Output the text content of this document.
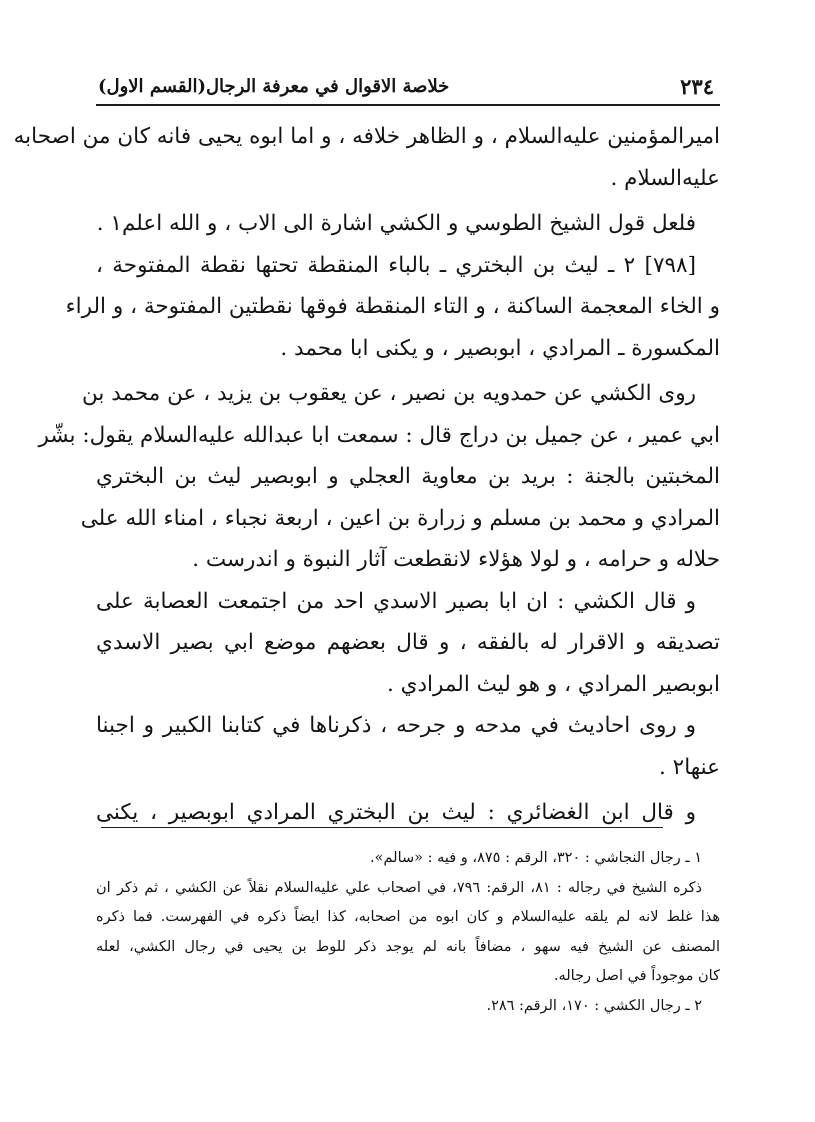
٢٣٤
خلاصة الاقوال في معرفة الرجال(القسم الاول)
اميرالمؤمنين عليه‌السلام ، و الظاهر خلافه ، و اما ابوه يحيى فانه كان من اصحابه
عليه‌السلام .
فلعل قول الشيخ الطوسي و الكشي اشارة الى الاب ، و الله اعلم١ .
[٧٩٨] ٢ ـ ليث بن البختري ـ بالباء المنقطة تحتها نقطة المفتوحة ،
و الخاء المعجمة الساكنة ، و التاء المنقطة فوقها نقطتين المفتوحة ، و الراء
المكسورة ـ المرادي ، ابوبصير ، و يكنى ابا محمد .
روى الكشي عن حمدويه بن نصير ، عن يعقوب بن يزيد ، عن محمد بن
ابي عمير ، عن جميل بن دراج قال : سمعت ابا عبدالله عليه‌السلام يقول: بشّر
المخبتين بالجنة : بريد بن معاوية العجلي و ابوبصير ليث بن البختري
المرادي و محمد بن مسلم و زرارة بن اعين ، اربعة نجباء ، امناء الله على
حلاله و حرامه ، و لولا هؤلاء لانقطعت آثار النبوة و اندرست .
و قال الكشي : ان ابا بصير الاسدي احد من اجتمعت العصابة على
تصديقه و الاقرار له بالفقه ، و قال بعضهم موضع ابي بصير الاسدي
ابوبصير المرادي ، و هو ليث المرادي .
و روى احاديث في مدحه و جرحه ، ذكرناها في كتابنا الكبير و اجبنا
عنها٢ .
و قال ابن الغضائري : ليث بن البختري المرادي ابوبصير ، يكنى
١ ـ رجال النجاشي : ٣٢٠، الرقم : ٨٧٥، و فيه : «سالم».
ذكره الشيخ في رجاله : ٨١، الرقم: ٧٩٦، في اصحاب علي عليه‌السلام نقلاً عن الكشي ، ثم ذكر ان
هذا غلط لانه لم يلقه عليه‌السلام و كان ابوه من اصحابه، كذا ايضاً ذكره في الفهرست. فما ذكره
المصنف عن الشيخ فيه سهو ، مضافاً بانه لم يوجد ذكر للوط بن يحيى في رجال الكشي، لعله
كان موجوداً في اصل رجاله.
٢ ـ رجال الكشي : ١٧٠، الرقم: ٢٨٦.
